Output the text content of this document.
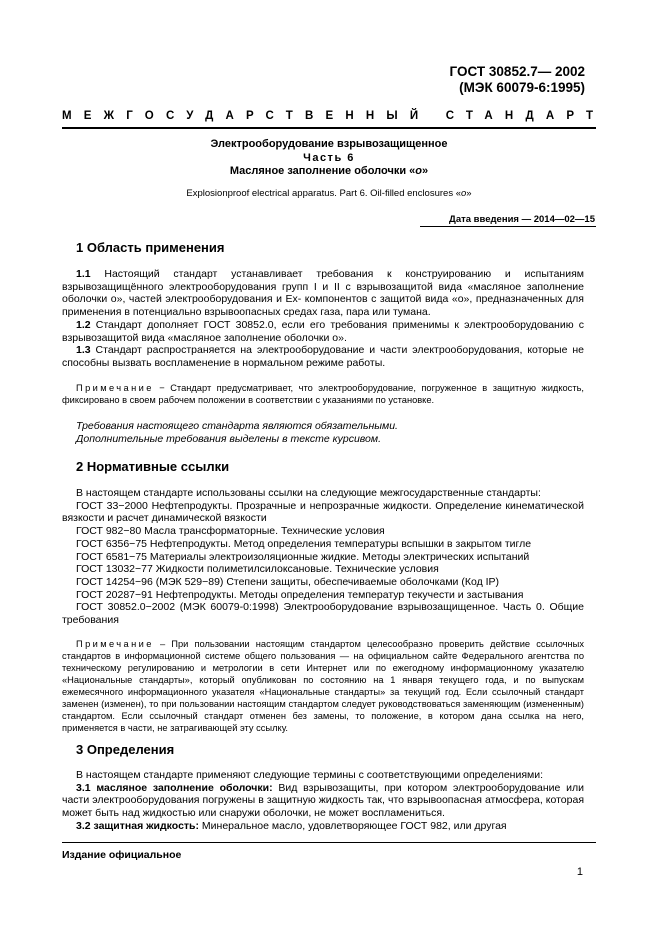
ГОСТ 30852.7— 2002
(МЭК 60079-6:1995)
МЕЖГОСУДАРСТВЕННЫЙ СТАНДАРТ
Электрооборудование взрывозащищенное
Часть 6
Масляное заполнение оболочки «о»
Explosionproof electrical apparatus. Part 6. Oil-filled enclosures «o»
Дата введения — 2014—02—15
1 Область применения

1.1 Настоящий стандарт устанавливает требования к конструированию и испытаниям взрывозащищённого электрооборудования групп I и II с взрывозащитой вида «масляное заполнение оболочки о», частей электрооборудования и Ex- компонентов с защитой вида «о», предназначенных для применения в потенциально взрывоопасных средах газа, пара или тумана.

1.2 Стандарт дополняет ГОСТ 30852.0, если его требования применимы к электрооборудованию с взрывозащитой вида «масляное заполнение оболочки о».

1.3 Стандарт распространяется на электрооборудование и части электрооборудования, которые не способны вызвать воспламенение в нормальном режиме работы.

Примечание − Стандарт предусматривает, что электрооборудование, погруженное в защитную жидкость, фиксировано в своем рабочем положении в соответствии с указаниями по установке.

Требования настоящего стандарта являются обязательными.

Дополнительные требования выделены в тексте курсивом.

2 Нормативные ссылки

В настоящем стандарте использованы ссылки на следующие межгосударственные стандарты:

ГОСТ 33−2000 Нефтепродукты. Прозрачные и непрозрачные жидкости. Определение кинематической вязкости и расчет динамической вязкости

ГОСТ 982−80 Масла трансформаторные. Технические условия

ГОСТ 6356−75 Нефтепродукты. Метод определения температуры вспышки в закрытом тигле

ГОСТ 6581−75 Материалы электроизоляционные жидкие. Методы электрических испытаний

ГОСТ 13032−77 Жидкости полиметилсилоксановые. Технические условия

ГОСТ 14254−96 (МЭК 529−89) Степени защиты, обеспечиваемые оболочками (Код IP)

ГОСТ 20287−91 Нефтепродукты. Методы определения температур текучести и застывания

ГОСТ 30852.0−2002 (МЭК 60079-0:1998) Электрооборудование взрывозащищенное. Часть 0. Общие требования

Примечание – При пользовании настоящим стандартом целесообразно проверить действие ссылочных стандартов в информационной системе общего пользования — на официальном сайте Федерального агентства по техническому регулированию и метрологии в сети Интернет или по ежегодному информационному указателю «Национальные стандарты», который опубликован по состоянию на 1 января текущего года, и по выпускам ежемесячного информационного указателя «Национальные стандарты» за текущий год. Если ссылочный стандарт заменен (изменен), то при пользовании настоящим стандартом следует руководствоваться заменяющим (измененным) стандартом. Если ссылочный стандарт отменен без замены, то положение, в котором дана ссылка на него, применяется в части, не затрагивающей эту ссылку.

3 Определения

В настоящем стандарте применяют следующие термины с соответствующими определениями:

3.1 масляное заполнение оболочки: Вид взрывозащиты, при котором электрооборудование или части электрооборудования погружены в защитную жидкость так, что взрывоопасная атмосфера, которая может быть над жидкостью или снаружи оболочки, не может воспламениться.

3.2 защитная жидкость: Минеральное масло, удовлетворяющее ГОСТ 982, или другая

Издание официальное
1
